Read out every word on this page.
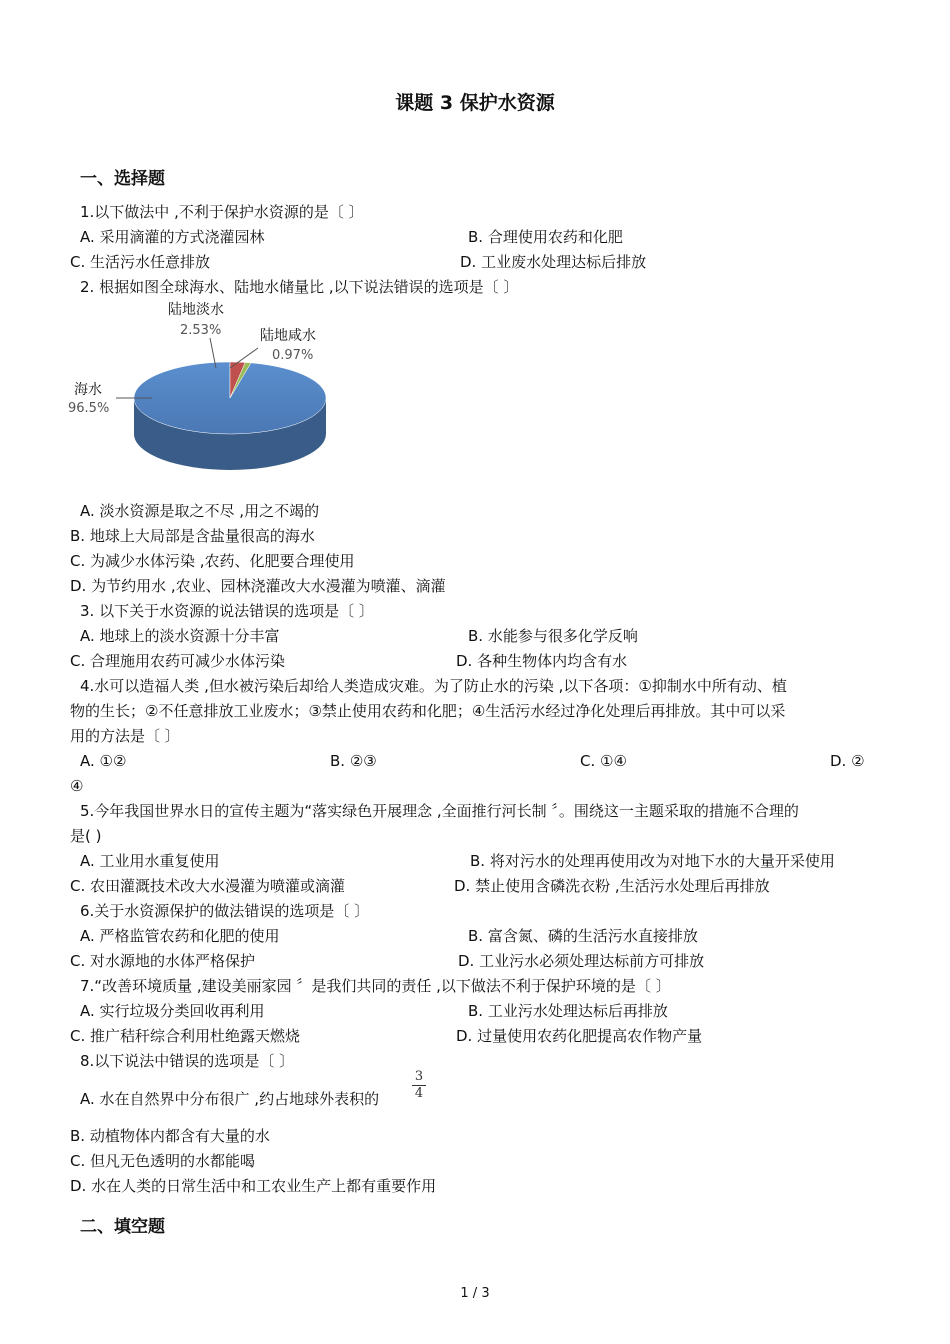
课题 3 保护水资源
一、选择题
1.以下做法中 ,不利于保护水资源的是〔 〕
A. 采用滴灌的方式浇灌园林	B. 合理使用农药和化肥
C. 生活污水任意排放	D. 工业废水处理达标后排放
2. 根据如图全球海水、陆地水储量比 ,以下说法错误的选项是〔 〕
海水
96.5%
陆地淡水
2.53%	陆地咸水
0.97%
A. 淡水资源是取之不尽 ,用之不竭的
B. 地球上大局部是含盐量很高的海水
C. 为减少水体污染 ,农药、化肥要合理使用
D. 为节约用水 ,农业、园林浇灌改大水漫灌为喷灌、滴灌
3. 以下关于水资源的说法错误的选项是〔 〕
A. 地球上的淡水资源十分丰富	B. 水能参与很多化学反响
C. 合理施用农药可减少水体污染	D. 各种生物体内均含有水
4.水可以造福人类 ,但水被污染后却给人类造成灾难。为了防止水的污染 ,以下各项：①抑制水中所有动、植
物的生长；②不任意排放工业废水；③禁止使用农药和化肥；④生活污水经过净化处理后再排放。其中可以采
用的方法是〔 〕
A. ①②	B. ②③	C. ①④	D. ②
④
5.今年我国世界水日的宣传主题为“落实绿色开展理念 ,全面推行河长制 〞。围绕这一主题采取的措施不合理的
是( )
A. 工业用水重复使用	B. 将对污水的处理再使用改为对地下水的大量开采使用
C. 农田灌溉技术改大水漫灌为喷灌或滴灌	D. 禁止使用含磷洗衣粉 ,生活污水处理后再排放
6.关于水资源保护的做法错误的选项是〔 〕
A. 严格监管农药和化肥的使用	B. 富含氮、磷的生活污水直接排放
C. 对水源地的水体严格保护	D. 工业污水必须处理达标前方可排放
7.“改善环境质量 ,建设美丽家园 〞是我们共同的责任 ,以下做法不利于保护环境的是〔 〕
A. 实行垃圾分类回收再利用	B. 工业污水处理达标后再排放
C. 推广秸秆综合利用杜绝露天燃烧	D. 过量使用农药化肥提高农作物产量
8.以下说法中错误的选项是〔 〕
A. 水在自然界中分布很广 ,约占地球外表积的
3
4
B. 动植物体内都含有大量的水
C. 但凡无色透明的水都能喝
D. 水在人类的日常生活中和工农业生产上都有重要作用
二、填空题
1 / 3
